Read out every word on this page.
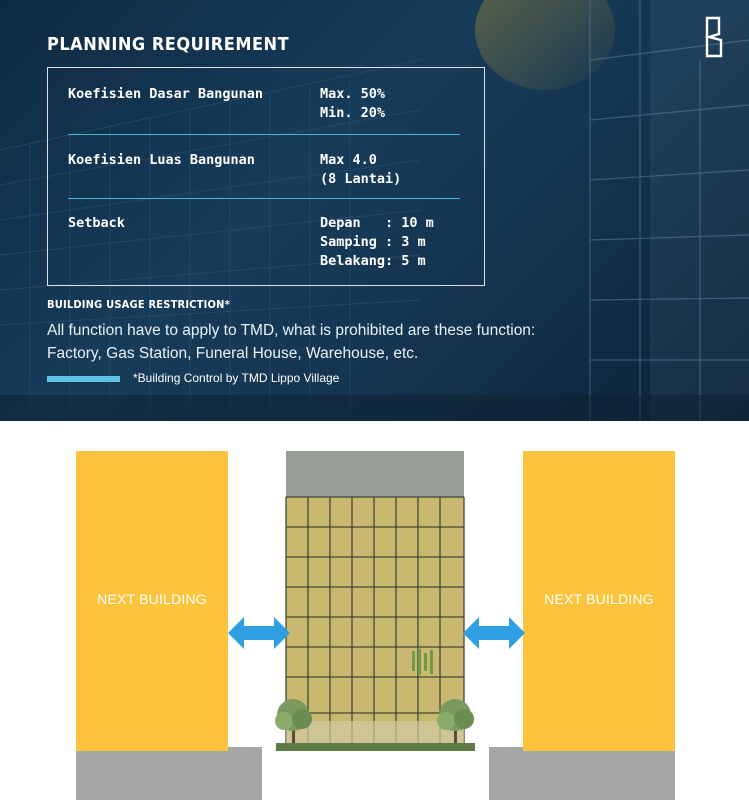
PLANNING REQUIREMENT
Koefisien Dasar Bangunan	Max. 50%
Min. 20%
Koefisien Luas Bangunan	Max 4.0
(8 Lantai)
Setback	Depan   : 10 m
Samping : 3 m
Belakang: 5 m
BUILDING USAGE RESTRICTION*
All function have to apply to TMD, what is prohibited are these function:
Factory, Gas Station, Funeral House, Warehouse, etc.
*Building Control by TMD Lippo Village
NEXT BUILDING	NEXT BUILDING
